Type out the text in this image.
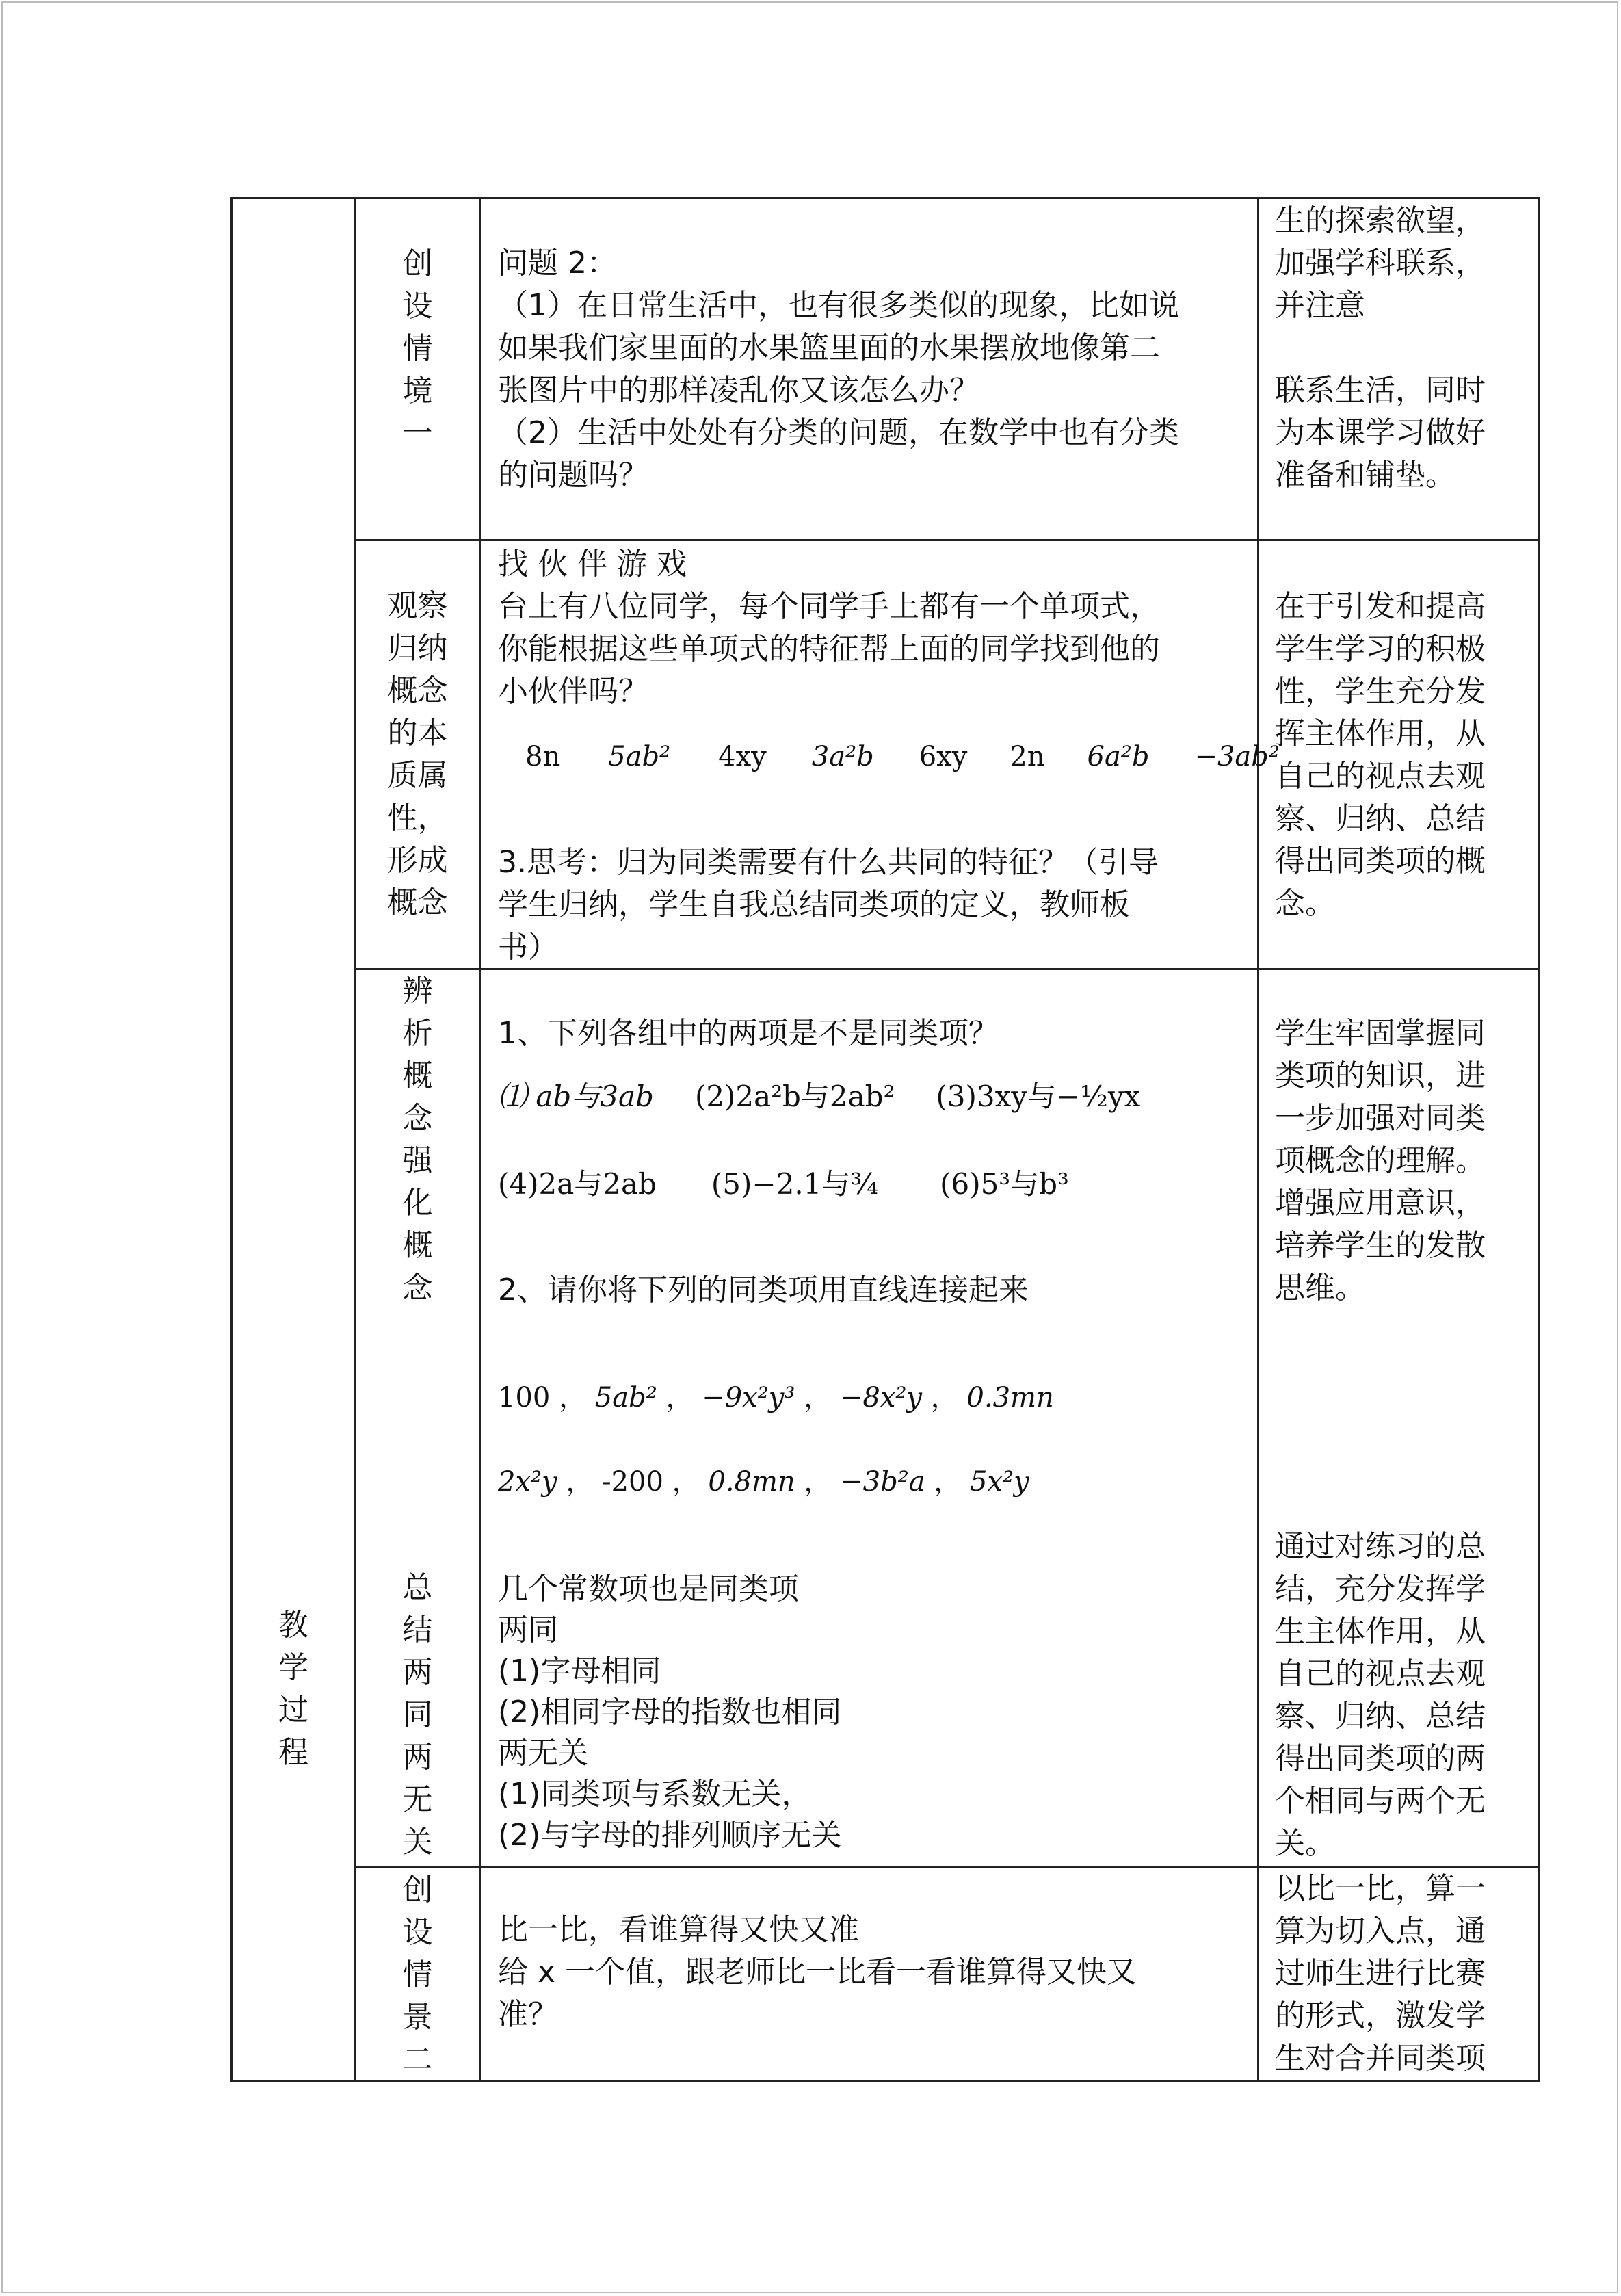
教
学
过
程
创
设
情
境
一
问题 2：
（1）在日常生活中，也有很多类似的现象，比如说
如果我们家里面的水果篮里面的水果摆放地像第二
张图片中的那样凌乱你又该怎么办？
（2）生活中处处有分类的问题，在数学中也有分类
的问题吗？
生的探索欲望，
加强学科联系，
并注意
联系生活，同时
为本课学习做好
准备和铺垫。
观察
归纳
概念
的本
质属
性，
形成
概念
找 伙 伴 游 戏
台上有八位同学，每个同学手上都有一个单项式，
你能根据这些单项式的特征帮上面的同学找到他的
小伙伴吗？
8n 5ab² 4xy 3a²b 6xy 2n 6a²b −3ab²
3.思考：归为同类需要有什么共同的特征？（引导
学生归纳，学生自我总结同类项的定义，教师板
书）
在于引发和提高
学生学习的积极
性，学生充分发
挥主体作用，从
自己的视点去观
察、归纳、总结
得出同类项的概
念。
辨
析
概
念
强
化
概
念
总
结
两
同
两
无
关
1、下列各组中的两项是不是同类项？
⑴ ab与3ab (2)2a²b与2ab² (3)3xy与−½yx
(4)2a与2ab (5)−2.1与¾ (6)5³与b³
2、请你将下列的同类项用直线连接起来
100 ， 5ab² ， −9x²y³ ， −8x²y ， 0.3mn
2x²y ， -200 ， 0.8mn ， −3b²a ， 5x²y
学生牢固掌握同
类项的知识，进
一步加强对同类
项概念的理解。
增强应用意识，
培养学生的发散
思维。
几个常数项也是同类项
两同
(1)字母相同
(2)相同字母的指数也相同
两无关
(1)同类项与系数无关，
(2)与字母的排列顺序无关
通过对练习的总
结，充分发挥学
生主体作用，从
自己的视点去观
察、归纳、总结
得出同类项的两
个相同与两个无
关。
创
设
情
景
二
比一比，看谁算得又快又准
给 x 一个值，跟老师比一比看一看谁算得又快又
准？
以比一比，算一
算为切入点，通
过师生进行比赛
的形式，激发学
生对合并同类项
